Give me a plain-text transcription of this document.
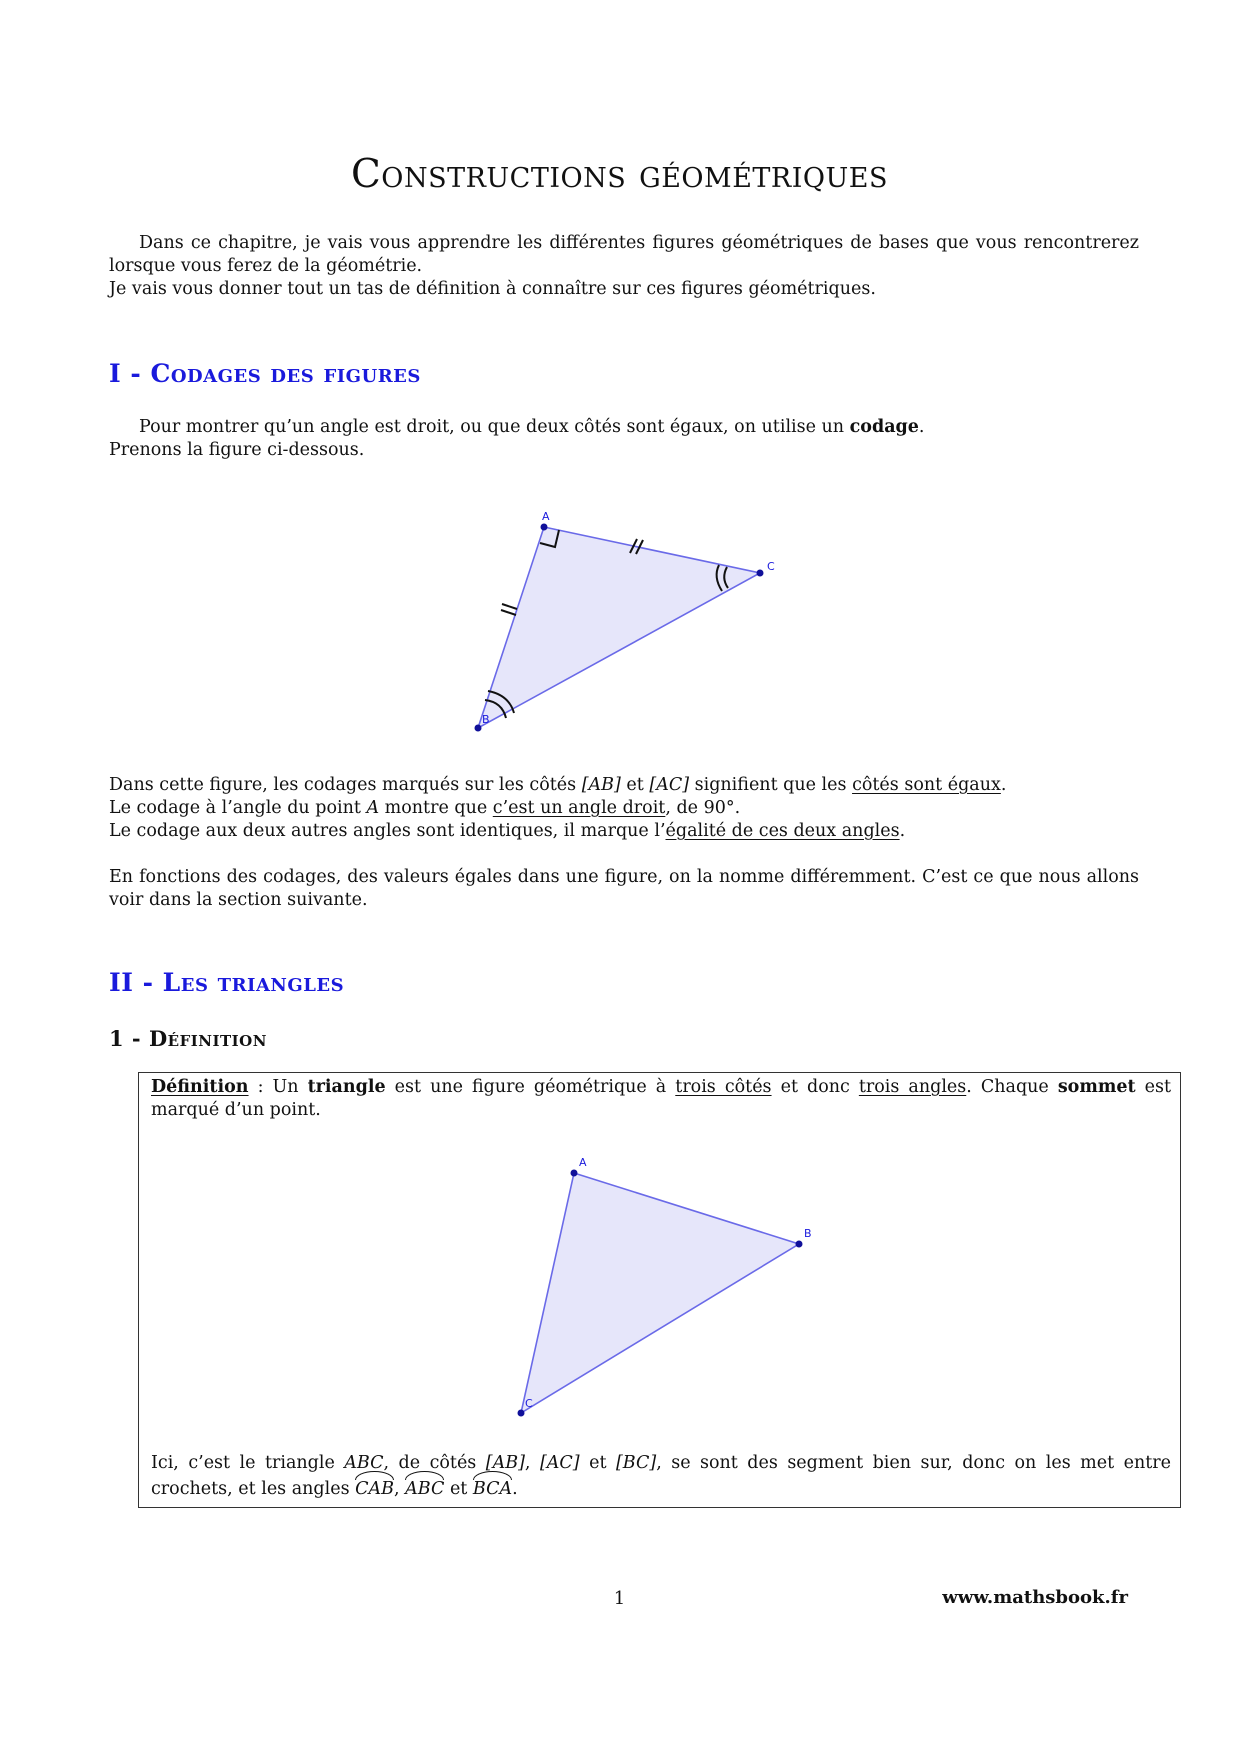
Constructions géométriques
Dans ce chapitre, je vais vous apprendre les différentes figures géométriques de bases que vous rencontrerez lorsque vous ferez de la géométrie.
Je vais vous donner tout un tas de définition à connaître sur ces figures géométriques.
I - Codages des figures
Pour montrer qu’un angle est droit, ou que deux côtés sont égaux, on utilise un codage.
Prenons la figure ci-dessous.
A
C
B
Dans cette figure, les codages marqués sur les côtés [AB] et [AC] signifient que les côtés sont égaux.
Le codage à l’angle du point A montre que c’est un angle droit, de 90°.
Le codage aux deux autres angles sont identiques, il marque l’égalité de ces deux angles.
En fonctions des codages, des valeurs égales dans une figure, on la nomme différemment. C’est ce que nous allons voir dans la section suivante.
II - Les triangles
1 - Définition
Définition : Un triangle est une figure géométrique à trois côtés et donc trois angles. Chaque sommet est marqué d’un point.
A
B
C
Ici, c’est le triangle ABC, de côtés [AB], [AC] et [BC], se sont des segment bien sur, donc on les met entre crochets, et les angles CAB, ABC et BCA.
1	www.mathsbook.fr
